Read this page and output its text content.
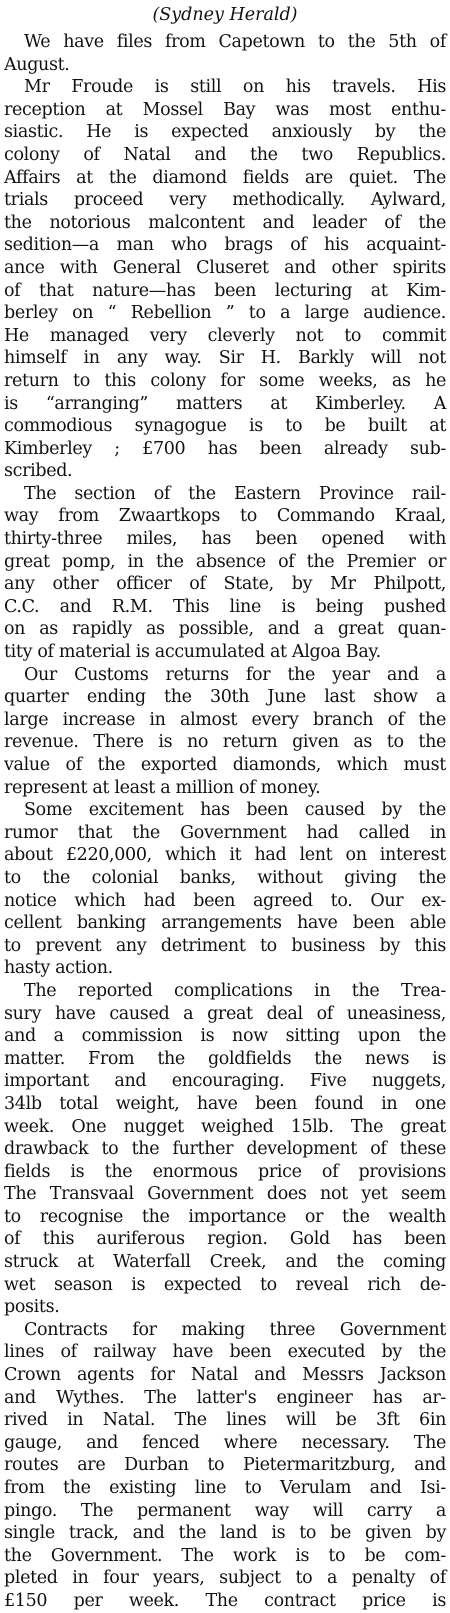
(Sydney Herald)
We have files from Capetown to the 5th of
August.
Mr Froude is still on his travels. His
reception at Mossel Bay was most enthu-
siastic. He is expected anxiously by the
colony of Natal and the two Republics.
Affairs at the diamond fields are quiet. The
trials proceed very methodically. Aylward,
the notorious malcontent and leader of the
sedition—a man who brags of his acquaint-
ance with General Cluseret and other spirits
of that nature—has been lecturing at Kim-
berley on “ Rebellion ” to a large audience.
He managed very cleverly not to commit
himself in any way. Sir H. Barkly will not
return to this colony for some weeks, as he
is “arranging” matters at Kimberley. A
commodious synagogue is to be built at
Kimberley ; £700 has been already sub-
scribed.
The section of the Eastern Province rail-
way from Zwaartkops to Commando Kraal,
thirty-three miles, has been opened with
great pomp, in the absence of the Premier or
any other officer of State, by Mr Philpott,
C.C. and R.M. This line is being pushed
on as rapidly as possible, and a great quan-
tity of material is accumulated at Algoa Bay.
Our Customs returns for the year and a
quarter ending the 30th June last show a
large increase in almost every branch of the
revenue. There is no return given as to the
value of the exported diamonds, which must
represent at least a million of money.
Some excitement has been caused by the
rumor that the Government had called in
about £220,000, which it had lent on interest
to the colonial banks, without giving the
notice which had been agreed to. Our ex-
cellent banking arrangements have been able
to prevent any detriment to business by this
hasty action.
The reported complications in the Trea-
sury have caused a great deal of uneasiness,
and a commission is now sitting upon the
matter. From the goldfields the news is
important and encouraging. Five nuggets,
34lb total weight, have been found in one
week. One nugget weighed 15lb. The great
drawback to the further development of these
fields is the enormous price of provisions
The Transvaal Government does not yet seem
to recognise the importance or the wealth
of this auriferous region. Gold has been
struck at Waterfall Creek, and the coming
wet season is expected to reveal rich de-
posits.
Contracts for making three Government
lines of railway have been executed by the
Crown agents for Natal and Messrs Jackson
and Wythes. The latter's engineer has ar-
rived in Natal. The lines will be 3ft 6in
gauge, and fenced where necessary. The
routes are Durban to Pietermaritzburg, and
from the existing line to Verulam and Isi-
pingo. The permanent way will carry a
single track, and the land is to be given by
the Government. The work is to be com-
pleted in four years, subject to a penalty of
£150 per week. The contract price is
